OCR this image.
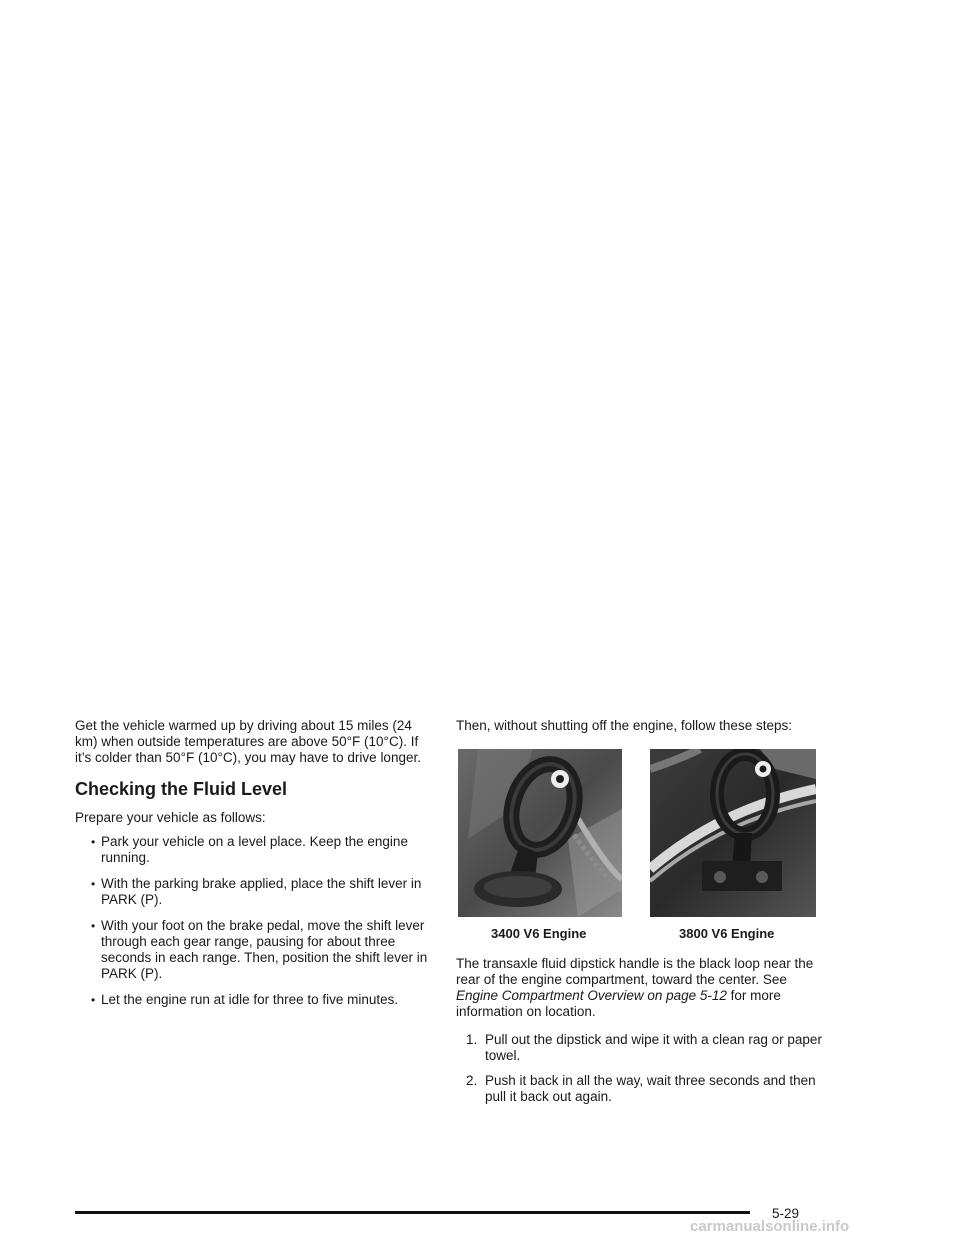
Get the vehicle warmed up by driving about 15 miles (24 km) when outside temperatures are above 50°F (10°C). If it’s colder than 50°F (10°C), you may have to drive longer.

Checking the Fluid Level

Prepare your vehicle as follows:

• Park your vehicle on a level place. Keep the engine running.
• With the parking brake applied, place the shift lever in PARK (P).
• With your foot on the brake pedal, move the shift lever through each gear range, pausing for about three seconds in each range. Then, position the shift lever in PARK (P).
• Let the engine run at idle for three to five minutes.

Then, without shutting off the engine, follow these steps:

3400 V6 Engine	3800 V6 Engine

The transaxle fluid dipstick handle is the black loop near the rear of the engine compartment, toward the center. See Engine Compartment Overview on page 5-12 for more information on location.

1. Pull out the dipstick and wipe it with a clean rag or paper towel.
2. Push it back in all the way, wait three seconds and then pull it back out again.
5-29
carmanualsonline.info
